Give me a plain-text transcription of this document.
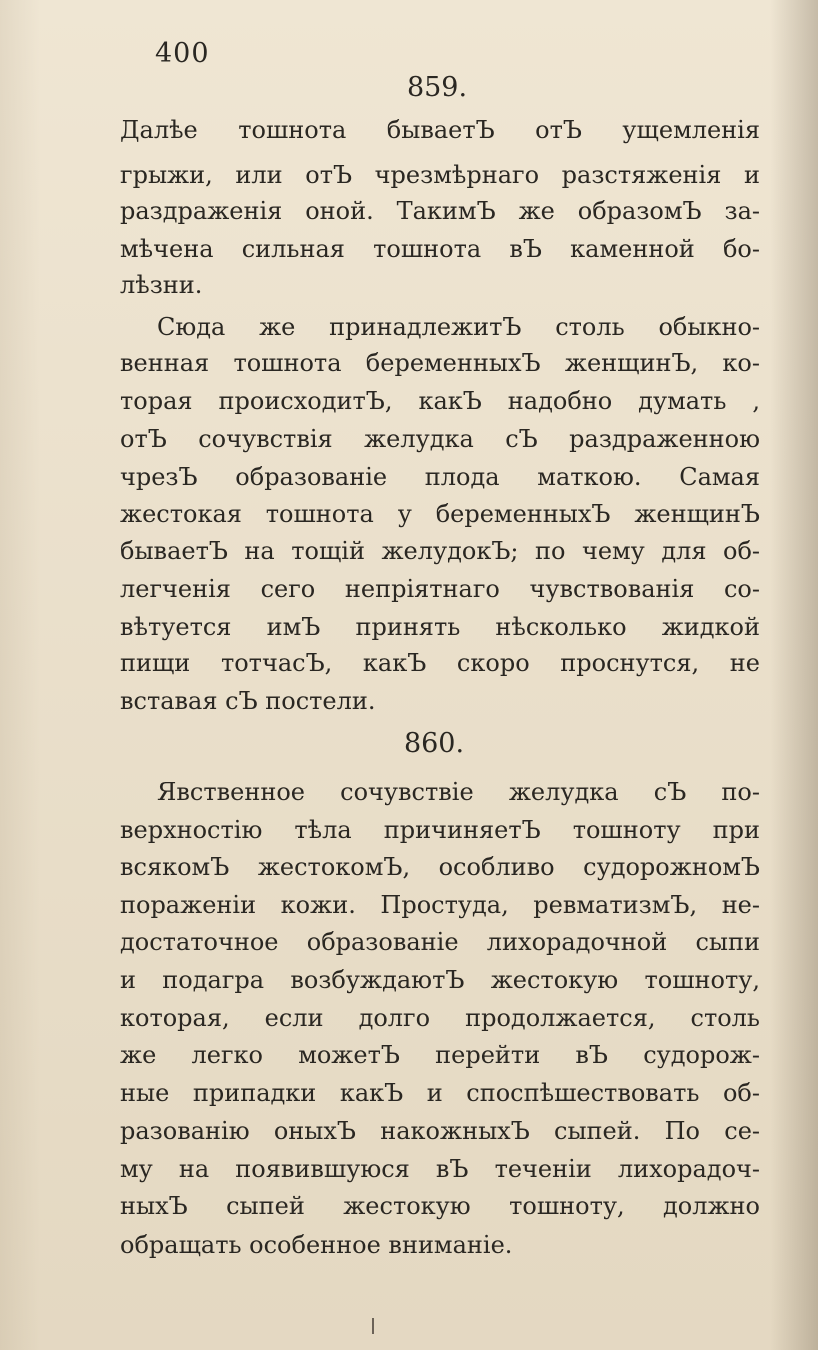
400
859.
Далѣе тошнота бываетЪ отЪ ущемленія
грыжи, или отЪ чрезмѣрнаго разстяженія и
раздраженія оной. ТакимЪ же образомЪ за-
мѣчена сильная тошнота вЪ каменной бо-
лѣзни.
Сюда же принадлежитЪ столь обыкно-
венная тошнота беременныхЪ женщинЪ, ко-
торая происходитЪ, какЪ надобно думать ,
отЪ сочувствія желудка сЪ раздраженною
чрезЪ образованіе плода маткою. Самая
жестокая тошнота у беременныхЪ женщинЪ
бываетЪ на тощій желудокЪ; по чему для об-
легченія сего непріятнаго чувствованія со-
вѣтуется имЪ принять нѣсколько жидкой
пищи тотчасЪ, какЪ скоро проснутся, не
вставая сЪ постели.
860.
Явственное сочувствіе желудка сЪ по-
верхностію тѣла причиняетЪ тошноту при
всякомЪ жестокомЪ, особливо судорожномЪ
пораженіи кожи. Простуда, ревматизмЪ, не-
достаточное образованіе лихорадочной сыпи
и подагра возбуждаютЪ жестокую тошноту,
которая, если долго продолжается, столь
же легко можетЪ перейти вЪ судорож-
ные припадки какЪ и споспѣшествовать об-
разованію оныхЪ накожныхЪ сыпей. По се-
му на появившуюся вЪ теченіи лихорадоч-
ныхЪ сыпей жестокую тошноту, должно
обращать особенное вниманіе.
